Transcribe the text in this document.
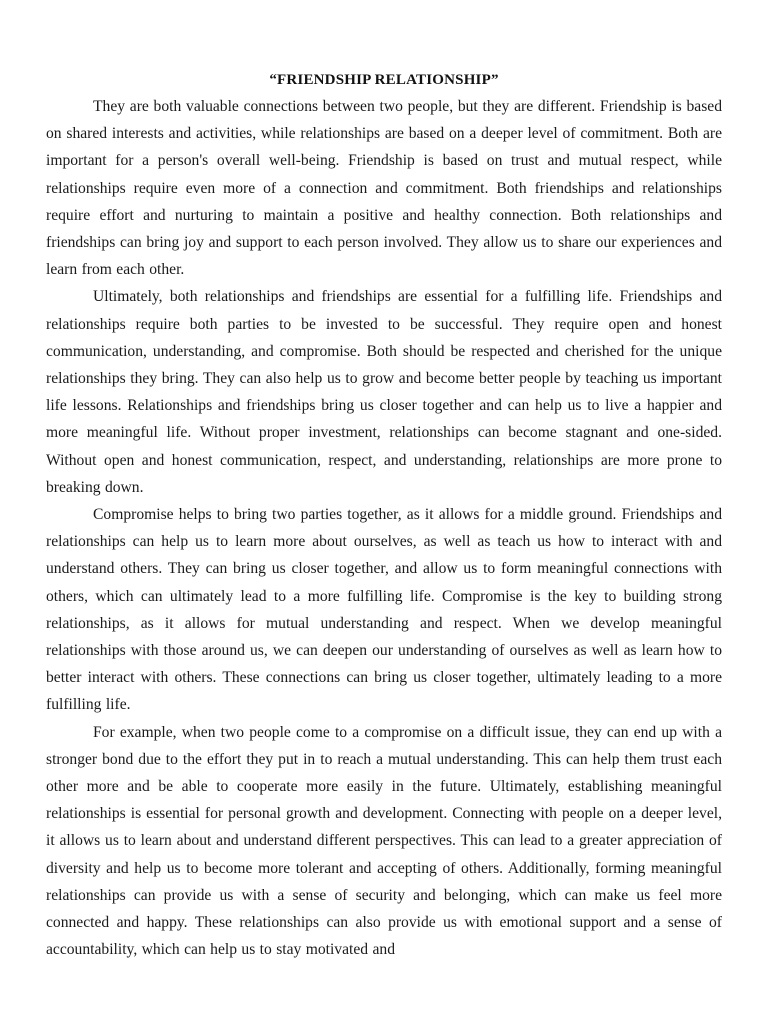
“FRIENDSHIP RELATIONSHIP”

They are both valuable connections between two people, but they are different. Friendship is based on shared interests and activities, while relationships are based on a deeper level of commitment. Both are important for a person's overall well-being. Friendship is based on trust and mutual respect, while relationships require even more of a connection and commitment. Both friendships and relationships require effort and nurturing to maintain a positive and healthy connection. Both relationships and friendships can bring joy and support to each person involved. They allow us to share our experiences and learn from each other.

Ultimately, both relationships and friendships are essential for a fulfilling life. Friendships and relationships require both parties to be invested to be successful. They require open and honest communication, understanding, and compromise. Both should be respected and cherished for the unique relationships they bring. They can also help us to grow and become better people by teaching us important life lessons. Relationships and friendships bring us closer together and can help us to live a happier and more meaningful life. Without proper investment, relationships can become stagnant and one-sided. Without open and honest communication, respect, and understanding, relationships are more prone to breaking down.

Compromise helps to bring two parties together, as it allows for a middle ground. Friendships and relationships can help us to learn more about ourselves, as well as teach us how to interact with and understand others. They can bring us closer together, and allow us to form meaningful connections with others, which can ultimately lead to a more fulfilling life. Compromise is the key to building strong relationships, as it allows for mutual understanding and respect. When we develop meaningful relationships with those around us, we can deepen our understanding of ourselves as well as learn how to better interact with others. These connections can bring us closer together, ultimately leading to a more fulfilling life.

For example, when two people come to a compromise on a difficult issue, they can end up with a stronger bond due to the effort they put in to reach a mutual understanding. This can help them trust each other more and be able to cooperate more easily in the future. Ultimately, establishing meaningful relationships is essential for personal growth and development. Connecting with people on a deeper level, it allows us to learn about and understand different perspectives. This can lead to a greater appreciation of diversity and help us to become more tolerant and accepting of others. Additionally, forming meaningful relationships can provide us with a sense of security and belonging, which can make us feel more connected and happy. These relationships can also provide us with emotional support and a sense of accountability, which can help us to stay motivated and
